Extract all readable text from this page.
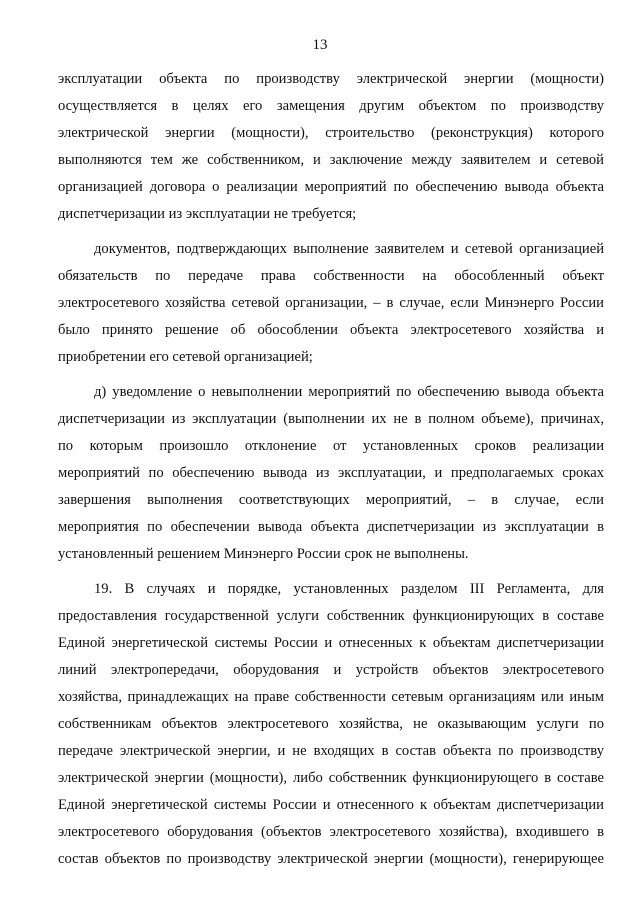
13
эксплуатации объекта по производству электрической энергии (мощности)
осуществляется в целях его замещения другим объектом по производству
электрической энергии (мощности), строительство (реконструкция) которого
выполняются тем же собственником, и заключение между заявителем и сетевой
организацией договора о реализации мероприятий по обеспечению вывода объекта
диспетчеризации из эксплуатации не требуется;
документов, подтверждающих выполнение заявителем и сетевой организацией
обязательств по передаче права собственности на обособленный объект
электросетевого хозяйства сетевой организации, – в случае, если Минэнерго России
было принято решение об обособлении объекта электросетевого хозяйства и
приобретении его сетевой организацией;
д) уведомление о невыполнении мероприятий по обеспечению вывода объекта
диспетчеризации из эксплуатации (выполнении их не в полном объеме), причинах,
по которым произошло отклонение от установленных сроков реализации
мероприятий по обеспечению вывода из эксплуатации, и предполагаемых сроках
завершения выполнения соответствующих мероприятий, – в случае, если
мероприятия по обеспечении вывода объекта диспетчеризации из эксплуатации в
установленный решением Минэнерго России срок не выполнены.
19. В случаях и порядке, установленных разделом III Регламента, для
предоставления государственной услуги собственник функционирующих в составе
Единой энергетической системы России и отнесенных к объектам диспетчеризации
линий электропередачи, оборудования и устройств объектов электросетевого
хозяйства, принадлежащих на праве собственности сетевым организациям или иным
собственникам объектов электросетевого хозяйства, не оказывающим услуги по
передаче электрической энергии, и не входящих в состав объекта по производству
электрической энергии (мощности), либо собственник функционирующего в составе
Единой энергетической системы России и отнесенного к объектам диспетчеризации
электросетевого оборудования (объектов электросетевого хозяйства), входившего в
состав объектов по производству электрической энергии (мощности), генерирующее
